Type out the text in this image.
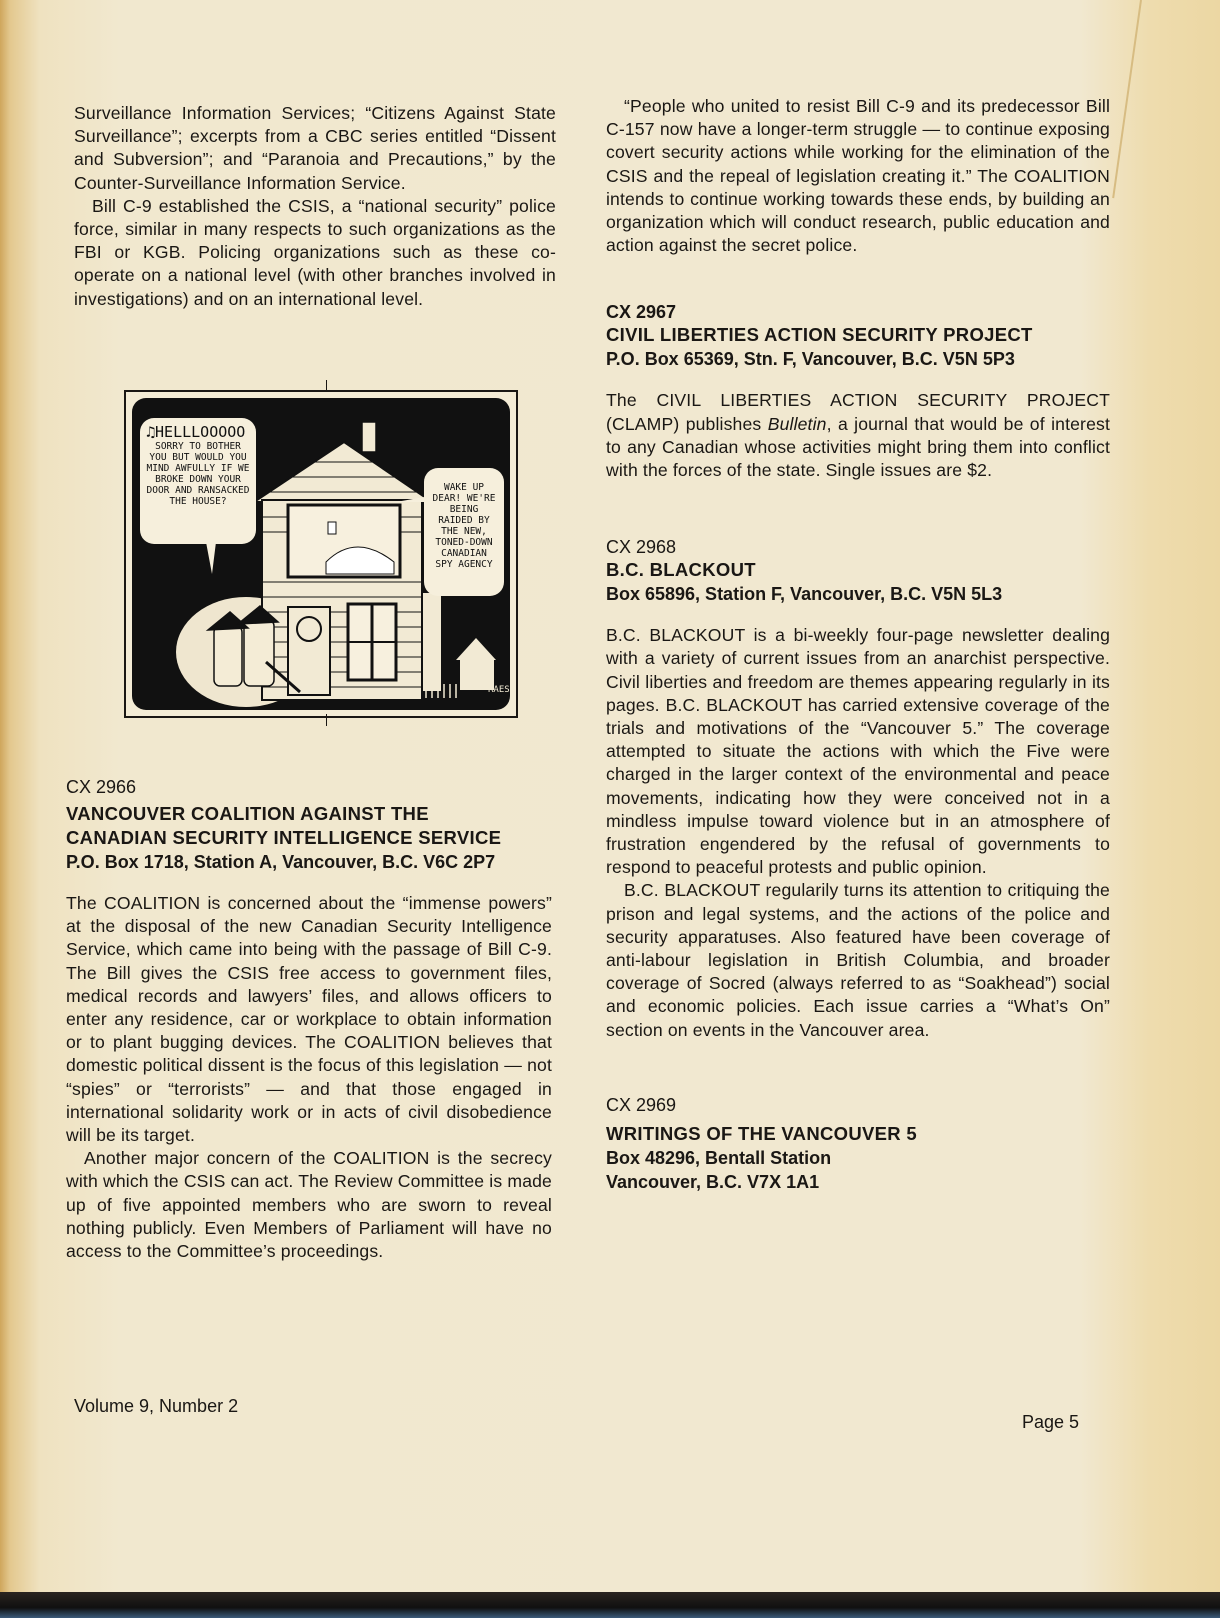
Surveillance Information Services; “Citizens Against State Surveillance”; excerpts from a CBC series entitled “Dissent and Subversion”; and “Paranoia and Precautions,” by the Counter-Surveillance Information Service.

Bill C-9 established the CSIS, a “national security” police force, similar in many respects to such organizations as the FBI or KGB. Policing organizations such as these co-operate on a national level (with other branches involved in investigations) and on an international level.

RAES
♫HELLLOOOOO
SORRY TO BOTHER YOU BUT WOULD YOU MIND AWFULLY IF WE BROKE DOWN YOUR DOOR AND RANSACKED THE HOUSE?
WAKE UP DEAR! WE'RE BEING RAIDED BY THE NEW, TONED-DOWN CANADIAN SPY AGENCY
CX 2966
VANCOUVER COALITION AGAINST THE
CANADIAN SECURITY INTELLIGENCE SERVICE
P.O. Box 1718, Station A, Vancouver, B.C. V6C 2P7

The COALITION is concerned about the “immense powers” at the disposal of the new Canadian Security Intelligence Service, which came into being with the passage of Bill C-9. The Bill gives the CSIS free access to government files, medical records and lawyers’ files, and allows officers to enter any residence, car or workplace to obtain information or to plant bugging devices. The COALITION believes that domestic political dissent is the focus of this legislation — not “spies” or “terrorists” — and that those engaged in international solidarity work or in acts of civil disobedience will be its target.

Another major concern of the COALITION is the secrecy with which the CSIS can act. The Review Committee is made up of five appointed members who are sworn to reveal nothing publicly. Even Members of Parliament will have no access to the Committee’s proceedings.

“People who united to resist Bill C-9 and its predecessor Bill C-157 now have a longer-term struggle — to continue exposing covert security actions while working for the elimination of the CSIS and the repeal of legislation creating it.” The COALITION intends to continue working towards these ends, by building an organization which will conduct research, public education and action against the secret police.

CX 2967
CIVIL LIBERTIES ACTION SECURITY PROJECT
P.O. Box 65369, Stn. F, Vancouver, B.C. V5N 5P3

The CIVIL LIBERTIES ACTION SECURITY PROJECT (CLAMP) publishes Bulletin, a journal that would be of interest to any Canadian whose activities might bring them into conflict with the forces of the state. Single issues are $2.

CX 2968
B.C. BLACKOUT
Box 65896, Station F, Vancouver, B.C. V5N 5L3

B.C. BLACKOUT is a bi-weekly four-page newsletter dealing with a variety of current issues from an anarchist perspective. Civil liberties and freedom are themes appearing regularly in its pages. B.C. BLACKOUT has carried extensive coverage of the trials and motivations of the “Vancouver 5.” The coverage attempted to situate the actions with which the Five were charged in the larger context of the environmental and peace movements, indicating how they were conceived not in a mindless impulse toward violence but in an atmosphere of frustration engendered by the refusal of governments to respond to peaceful protests and public opinion.

B.C. BLACKOUT regularily turns its attention to critiquing the prison and legal systems, and the actions of the police and security apparatuses. Also featured have been coverage of anti-labour legislation in British Columbia, and broader coverage of Socred (always referred to as “Soakhead”) social and economic policies. Each issue carries a “What’s On” section on events in the Vancouver area.

CX 2969
WRITINGS OF THE VANCOUVER 5
Box 48296, Bentall Station
Vancouver, B.C. V7X 1A1
Volume 9, Number 2
Page 5
